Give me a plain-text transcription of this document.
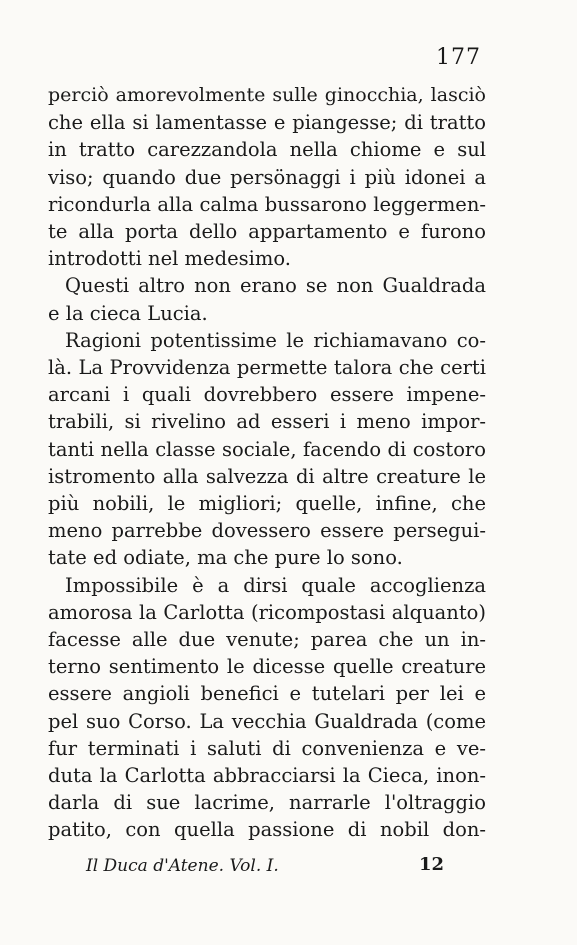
177
perciò amorevolmente sulle ginocchia, lasciò
che ella si lamentasse e piangesse; di tratto
in tratto carezzandola nella chiome e sul
viso; quando due persönaggi i più idonei a
ricondurla alla calma bussarono leggermen-
te alla porta dello appartamento e furono
introdotti nel medesimo.
Questi altro non erano se non Gualdrada
e la cieca Lucia.
Ragioni potentissime le richiamavano co-
là. La Provvidenza permette talora che certi
arcani i quali dovrebbero essere impene-
trabili, si rivelino ad esseri i meno impor-
tanti nella classe sociale, facendo di costoro
istromento alla salvezza di altre creature le
più nobili, le migliori; quelle, infine, che
meno parrebbe dovessero essere persegui-
tate ed odiate, ma che pure lo sono.
Impossibile è a dirsi quale accoglienza
amorosa la Carlotta (ricompostasi alquanto)
facesse alle due venute; parea che un in-
terno sentimento le dicesse quelle creature
essere angioli benefici e tutelari per lei e
pel suo Corso. La vecchia Gualdrada (come
fur terminati i saluti di convenienza e ve-
duta la Carlotta abbracciarsi la Cieca, inon-
darla di sue lacrime, narrarle l'oltraggio
patito, con quella passione di nobil don-
Il Duca d'Atene. Vol. I.	12
